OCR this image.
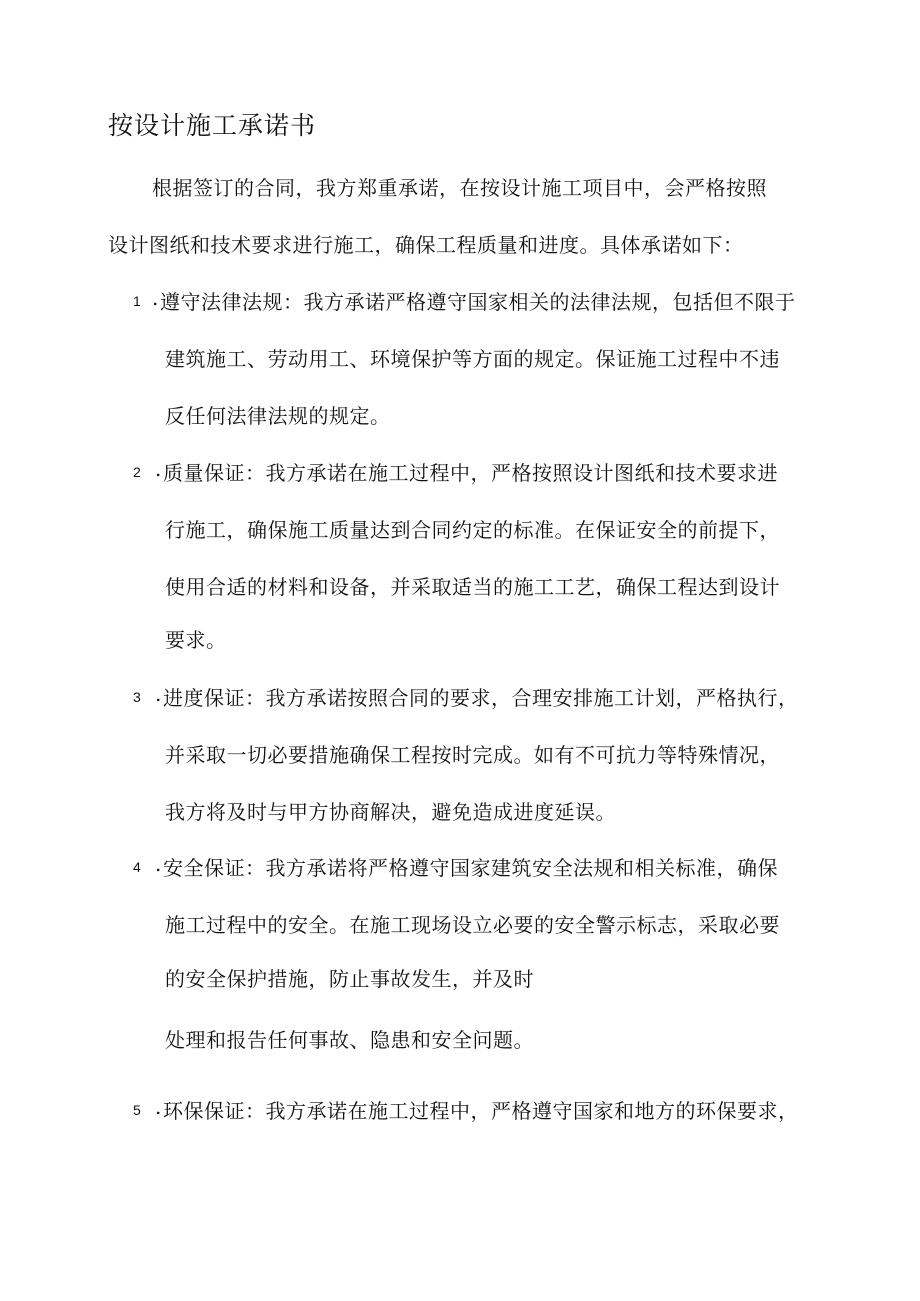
按设计施工承诺书
根据签订的合同，我方郑重承诺，在按设计施工项目中，会严格按照
设计图纸和技术要求进行施工，确保工程质量和进度。具体承诺如下：
1 . 遵守法律法规：我方承诺严格遵守国家相关的法律法规，包括但不限于
建筑施工、劳动用工、环境保护等方面的规定。保证施工过程中不违
反任何法律法规的规定。
2 . 质量保证：我方承诺在施工过程中，严格按照设计图纸和技术要求进
行施工，确保施工质量达到合同约定的标准。在保证安全的前提下，
使用合适的材料和设备，并采取适当的施工工艺，确保工程达到设计
要求。
3 . 进度保证：我方承诺按照合同的要求，合理安排施工计划，严格执行，
并采取一切必要措施确保工程按时完成。如有不可抗力等特殊情况，
我方将及时与甲方协商解决，避免造成进度延误。
4 . 安全保证：我方承诺将严格遵守国家建筑安全法规和相关标准，确保
施工过程中的安全。在施工现场设立必要的安全警示标志，采取必要
的安全保护措施，防止事故发生，并及时
处理和报告任何事故、隐患和安全问题。
5 . 环保保证：我方承诺在施工过程中，严格遵守国家和地方的环保要求，
